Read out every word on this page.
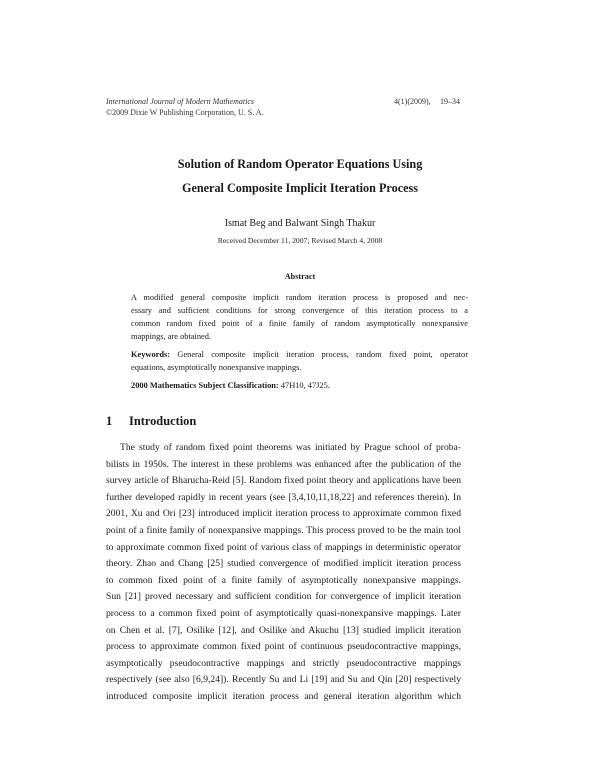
International Journal of Modern Mathematics
©2009 Dixie W Publishing Corporation, U. S. A.
4(1)(2009), 19–34
Solution of Random Operator Equations Using
General Composite Implicit Iteration Process
Ismat Beg and Balwant Singh Thakur
Received December 11, 2007; Revised March 4, 2008
Abstract
A modified general composite implicit random iteration process is proposed and nec-
essary and sufficient conditions for strong convergence of this iteration process to a
common random fixed point of a finite family of random asymptotically nonexpansive
mappings, are obtained.
Keywords: General composite implicit iteration process, random fixed point, operator
equations, asymptotically nonexpansive mappings.
2000 Mathematics Subject Classification: 47H10, 47J25.
1 Introduction
The study of random fixed point theorems was initiated by Prague school of proba-
bilists in 1950s. The interest in these problems was enhanced after the publication of the
survey article of Bharucha-Reid [5]. Random fixed point theory and applications have been
further developed rapidly in recent years (see [3,4,10,11,18,22] and references therein). In
2001, Xu and Ori [23] introduced implicit iteration process to approximate common fixed
point of a finite family of nonexpansive mappings. This process proved to be the main tool
to approximate common fixed point of various class of mappings in deterministic operator
theory. Zhao and Chang [25] studied convergence of modified implicit iteration process
to common fixed point of a finite family of asymptotically nonexpansive mappings.
Sun [21] proved necessary and sufficient condition for convergence of implicit iteration
process to a common fixed point of asymptotically quasi-nonexpansive mappings. Later
on Chen et al. [7], Osilike [12], and Osilike and Akuchu [13] studied implicit iteration
process to approximate common fixed point of continuous pseudocontractive mappings,
asymptotically pseudocontractive mappings and strictly pseudocontractive mappings
respectively (see also [6,9,24]). Recently Su and Li [19] and Su and Qin [20] respectively
introduced composite implicit iteration process and general iteration algorithm which
